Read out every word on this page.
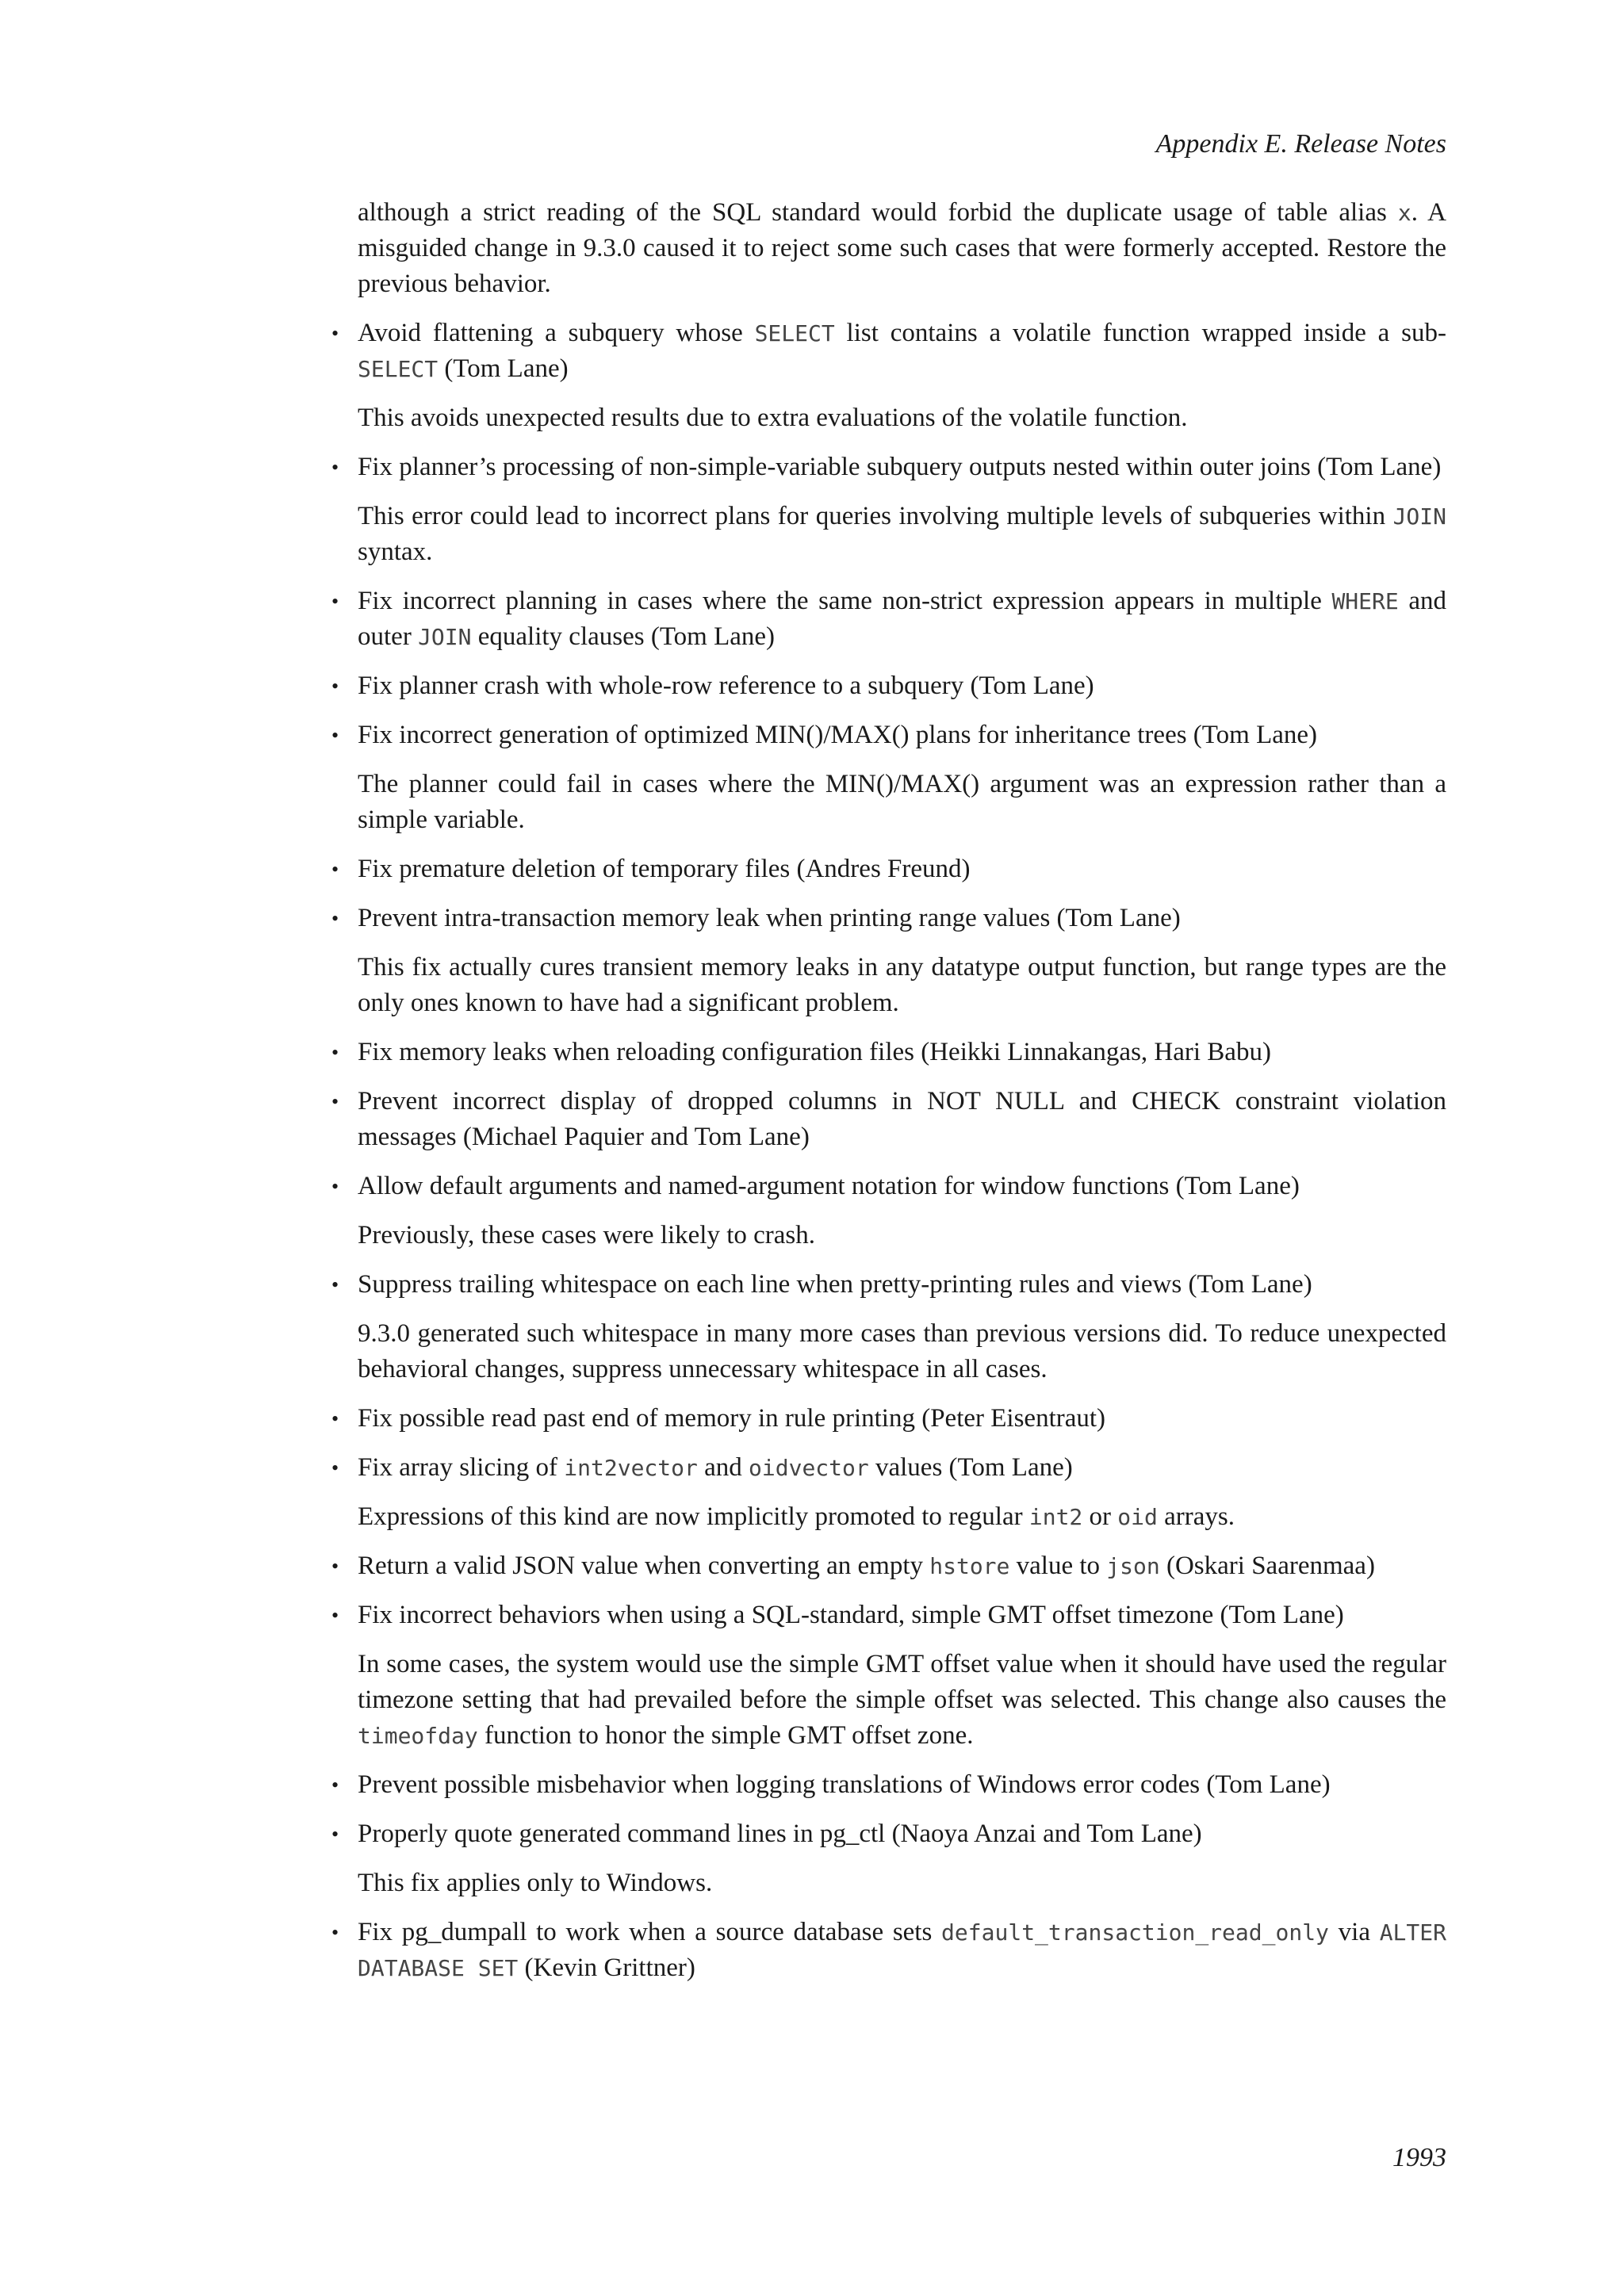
Appendix E. Release Notes

although a strict reading of the SQL standard would forbid the duplicate usage of table alias x. A misguided change in 9.3.0 caused it to reject some such cases that were formerly accepted. Restore the previous behavior.

• Avoid flattening a subquery whose SELECT list contains a volatile function wrapped inside a sub-SELECT (Tom Lane)

This avoids unexpected results due to extra evaluations of the volatile function.

• Fix planner’s processing of non-simple-variable subquery outputs nested within outer joins (Tom Lane)

This error could lead to incorrect plans for queries involving multiple levels of subqueries within JOIN syntax.

• Fix incorrect planning in cases where the same non-strict expression appears in multiple WHERE and outer JOIN equality clauses (Tom Lane)

• Fix planner crash with whole-row reference to a subquery (Tom Lane)

• Fix incorrect generation of optimized MIN()/MAX() plans for inheritance trees (Tom Lane)

The planner could fail in cases where the MIN()/MAX() argument was an expression rather than a simple variable.

• Fix premature deletion of temporary files (Andres Freund)

• Prevent intra-transaction memory leak when printing range values (Tom Lane)

This fix actually cures transient memory leaks in any datatype output function, but range types are the only ones known to have had a significant problem.

• Fix memory leaks when reloading configuration files (Heikki Linnakangas, Hari Babu)

• Prevent incorrect display of dropped columns in NOT NULL and CHECK constraint violation messages (Michael Paquier and Tom Lane)

• Allow default arguments and named-argument notation for window functions (Tom Lane)

Previously, these cases were likely to crash.

• Suppress trailing whitespace on each line when pretty-printing rules and views (Tom Lane)

9.3.0 generated such whitespace in many more cases than previous versions did. To reduce unexpected behavioral changes, suppress unnecessary whitespace in all cases.

• Fix possible read past end of memory in rule printing (Peter Eisentraut)

• Fix array slicing of int2vector and oidvector values (Tom Lane)

Expressions of this kind are now implicitly promoted to regular int2 or oid arrays.

• Return a valid JSON value when converting an empty hstore value to json (Oskari Saarenmaa)

• Fix incorrect behaviors when using a SQL-standard, simple GMT offset timezone (Tom Lane)

In some cases, the system would use the simple GMT offset value when it should have used the regular timezone setting that had prevailed before the simple offset was selected. This change also causes the timeofday function to honor the simple GMT offset zone.

• Prevent possible misbehavior when logging translations of Windows error codes (Tom Lane)

• Properly quote generated command lines in pg_ctl (Naoya Anzai and Tom Lane)

This fix applies only to Windows.

• Fix pg_dumpall to work when a source database sets default_transaction_read_only via ALTER DATABASE SET (Kevin Grittner)

1993
